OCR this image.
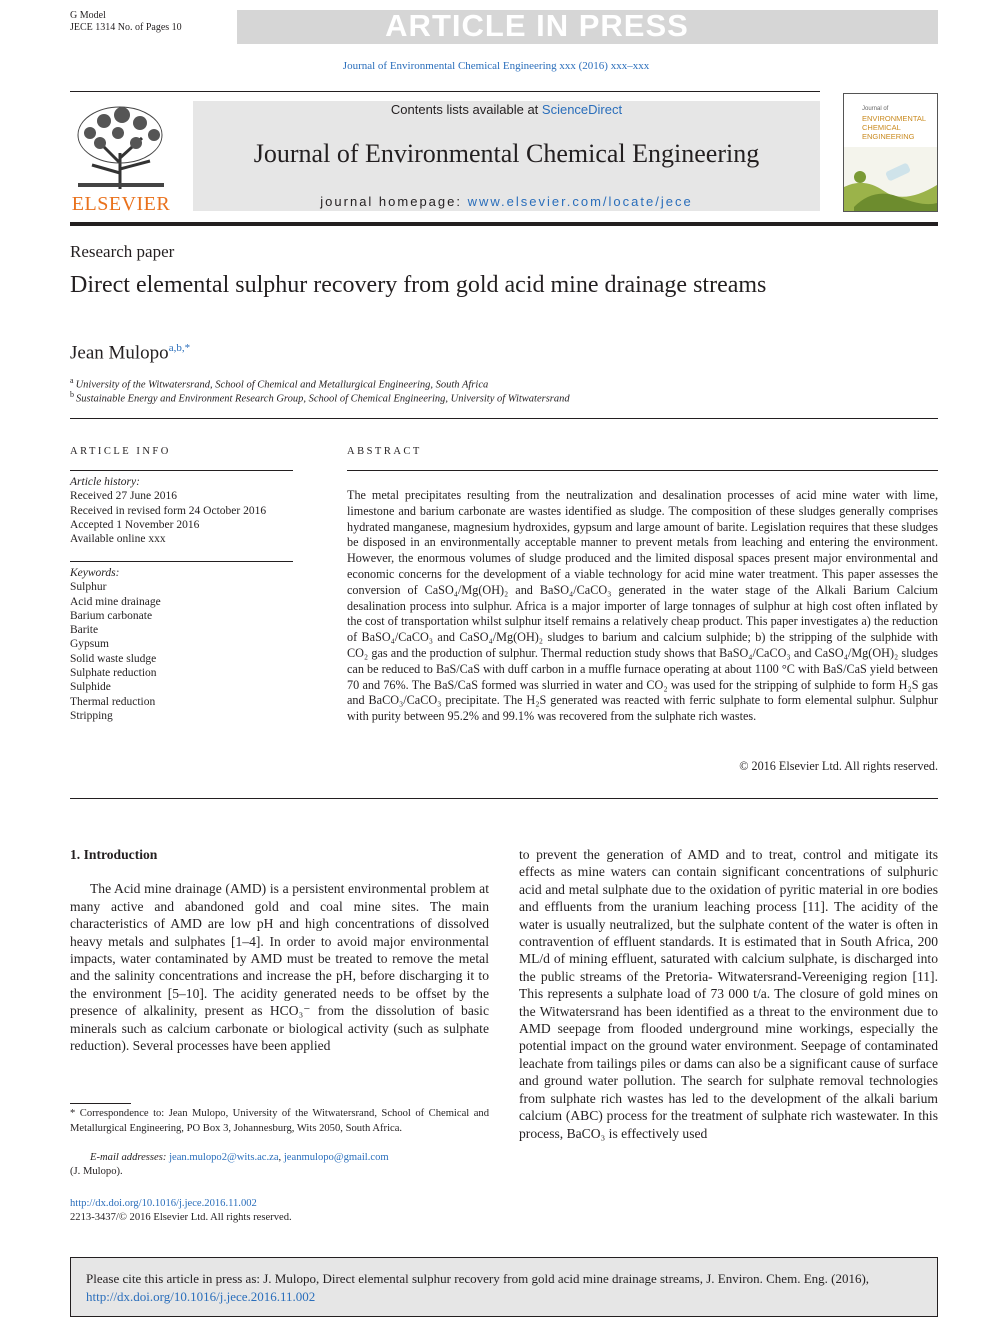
G Model
JECE 1314 No. of Pages 10	ARTICLE IN PRESS
Journal of Environmental Chemical Engineering xxx (2016) xxx–xxx
ELSEVIER
Contents lists available at ScienceDirect
Journal of Environmental Chemical Engineering
journal homepage: www.elsevier.com/locate/jece
Journal of
ENVIRONMENTAL
CHEMICAL
ENGINEERING
Research paper
Direct elemental sulphur recovery from gold acid mine drainage streams
Jean Mulopo$^{a,b,*}$
$^a$ University of the Witwatersrand, School of Chemical and Metallurgical Engineering, South Africa
$^b$ Sustainable Energy and Environment Research Group, School of Chemical Engineering, University of Witwatersrand
ARTICLE INFO
Article history:
Received 27 June 2016
Received in revised form 24 October 2016
Accepted 1 November 2016
Available online xxx
Keywords:
Sulphur
Acid mine drainage
Barium carbonate
Barite
Gypsum
Solid waste sludge
Sulphate reduction
Sulphide
Thermal reduction
Stripping
ABSTRACT
The metal precipitates resulting from the neutralization and desalination processes of acid mine water with lime, limestone and barium carbonate are wastes identified as sludge. The composition of these sludges generally comprises hydrated manganese, magnesium hydroxides, gypsum and large amount of barite. Legislation requires that these sludges be disposed in an environmentally acceptable manner to prevent metals from leaching and entering the environment. However, the enormous volumes of sludge produced and the limited disposal spaces present major environmental and economic concerns for the development of a viable technology for acid mine water treatment. This paper assesses the conversion of CaSO₄/Mg(OH)₂ and BaSO₄/CaCO₃ generated in the water stage of the Alkali Barium Calcium desalination process into sulphur. Africa is a major importer of large tonnages of sulphur at high cost often inflated by the cost of transportation whilst sulphur itself remains a relatively cheap product. This paper investigates a) the reduction of BaSO₄/CaCO₃ and CaSO₄/Mg(OH)₂ sludges to barium and calcium sulphide; b) the stripping of the sulphide with CO₂ gas and the production of sulphur. Thermal reduction study shows that BaSO₄/CaCO₃ and CaSO₄/Mg(OH)₂ sludges can be reduced to BaS/CaS with duff carbon in a muffle furnace operating at about 1100 °C with BaS/CaS yield between 70 and 76%. The BaS/CaS formed was slurried in water and CO₂ was used for the stripping of sulphide to form H₂S gas and BaCO₃/CaCO₃ precipitate. The H₂S generated was reacted with ferric sulphate to form elemental sulphur. Sulphur with purity between 95.2% and 99.1% was recovered from the sulphate rich wastes.
© 2016 Elsevier Ltd. All rights reserved.
1. Introduction

The Acid mine drainage (AMD) is a persistent environmental problem at many active and abandoned gold and coal mine sites. The main characteristics of AMD are low pH and high concentrations of dissolved heavy metals and sulphates [1–4]. In order to avoid major environmental impacts, water contaminated by AMD must be treated to remove the metal and the salinity concentrations and increase the pH, before discharging it to the environment [5–10]. The acidity generated needs to be offset by the presence of alkalinity, present as HCO₃⁻ from the dissolution of basic minerals such as calcium carbonate or biological activity (such as sulphate reduction). Several processes have been applied

to prevent the generation of AMD and to treat, control and mitigate its effects as mine waters can contain significant concentrations of sulphuric acid and metal sulphate due to the oxidation of pyritic material in ore bodies and effluents from the uranium leaching process [11]. The acidity of the water is usually neutralized, but the sulphate content of the water is often in contravention of effluent standards. It is estimated that in South Africa, 200 ML/d of mining effluent, saturated with calcium sulphate, is discharged into the public streams of the Pretoria- Witwatersrand-Vereeniging region [11]. This represents a sulphate load of 73 000 t/a. The closure of gold mines on the Witwatersrand has been identified as a threat to the environment due to AMD seepage from flooded underground mine workings, especially the potential impact on the ground water environment. Seepage of contaminated leachate from tailings piles or dams can also be a significant cause of surface and ground water pollution. The search for sulphate removal technologies from sulphate rich wastes has led to the development of the alkali barium calcium (ABC) process for the treatment of sulphate rich wastewater. In this process, BaCO₃ is effectively used
* Correspondence to: Jean Mulopo, University of the Witwatersrand, School of Chemical and Metallurgical Engineering, PO Box 3, Johannesburg, Wits 2050, South Africa.
E-mail addresses: jean.mulopo2@wits.ac.za, jeanmulopo@gmail.com
(J. Mulopo).
http://dx.doi.org/10.1016/j.jece.2016.11.002
2213-3437/© 2016 Elsevier Ltd. All rights reserved.
Please cite this article in press as: J. Mulopo, Direct elemental sulphur recovery from gold acid mine drainage streams, J. Environ. Chem. Eng. (2016), http://dx.doi.org/10.1016/j.jece.2016.11.002
